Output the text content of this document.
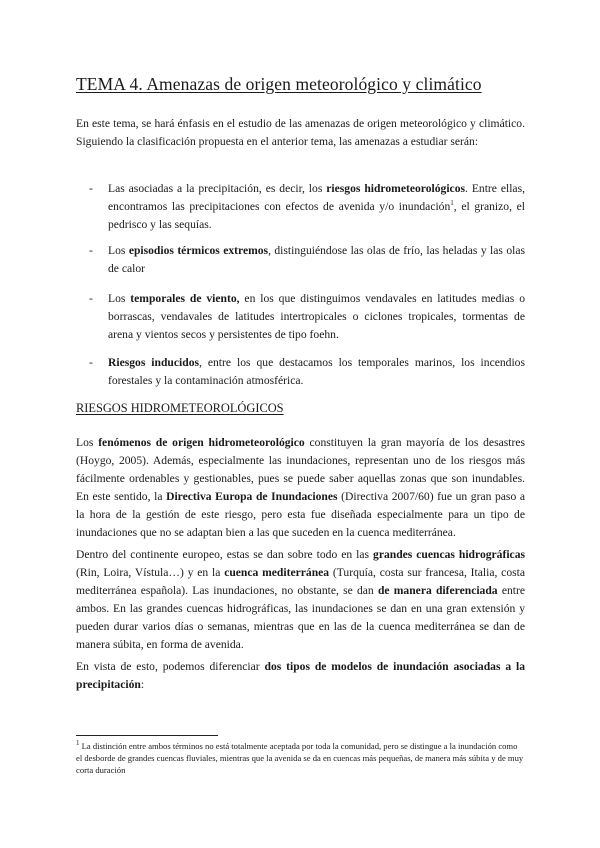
TEMA 4. Amenazas de origen meteorológico y climático

En este tema, se hará énfasis en el estudio de las amenazas de origen meteorológico y climático. Siguiendo la clasificación propuesta en el anterior tema, las amenazas a estudiar serán:

-	Las asociadas a la precipitación, es decir, los riesgos hidrometeorológicos. Entre ellas, encontramos las precipitaciones con efectos de avenida y/o inundación$^1$, el granizo, el pedrisco y las sequías.
-	Los episodios térmicos extremos, distinguiéndose las olas de frío, las heladas y las olas de calor
-	Los temporales de viento, en los que distinguimos vendavales en latitudes medias o borrascas, vendavales de latitudes intertropicales o ciclones tropicales, tormentas de arena y vientos secos y persistentes de tipo foehn.
-	Riesgos inducidos, entre los que destacamos los temporales marinos, los incendios forestales y la contaminación atmosférica.
RIESGOS HIDROMETEOROLÓGICOS

Los fenómenos de origen hidrometeorológico constituyen la gran mayoría de los desastres (Hoygo, 2005). Además, especialmente las inundaciones, representan uno de los riesgos más fácilmente ordenables y gestionables, pues se puede saber aquellas zonas que son inundables. En este sentido, la Directiva Europa de Inundaciones (Directiva 2007/60) fue un gran paso a la hora de la gestión de este riesgo, pero esta fue diseñada especialmente para un tipo de inundaciones que no se adaptan bien a las que suceden en la cuenca mediterránea.

Dentro del continente europeo, estas se dan sobre todo en las grandes cuencas hidrográficas (Rin, Loira, Vístula…) y en la cuenca mediterránea (Turquía, costa sur francesa, Italia, costa mediterránea española). Las inundaciones, no obstante, se dan de manera diferenciada entre ambos. En las grandes cuencas hidrográficas, las inundaciones se dan en una gran extensión y pueden durar varios días o semanas, mientras que en las de la cuenca mediterránea se dan de manera súbita, en forma de avenida.

En vista de esto, podemos diferenciar dos tipos de modelos de inundación asociadas a la precipitación:

$^1$ La distinción entre ambos términos no está totalmente aceptada por toda la comunidad, pero se distingue a la inundación como el desborde de grandes cuencas fluviales, mientras que la avenida se da en cuencas más pequeñas, de manera más súbita y de muy corta duración
